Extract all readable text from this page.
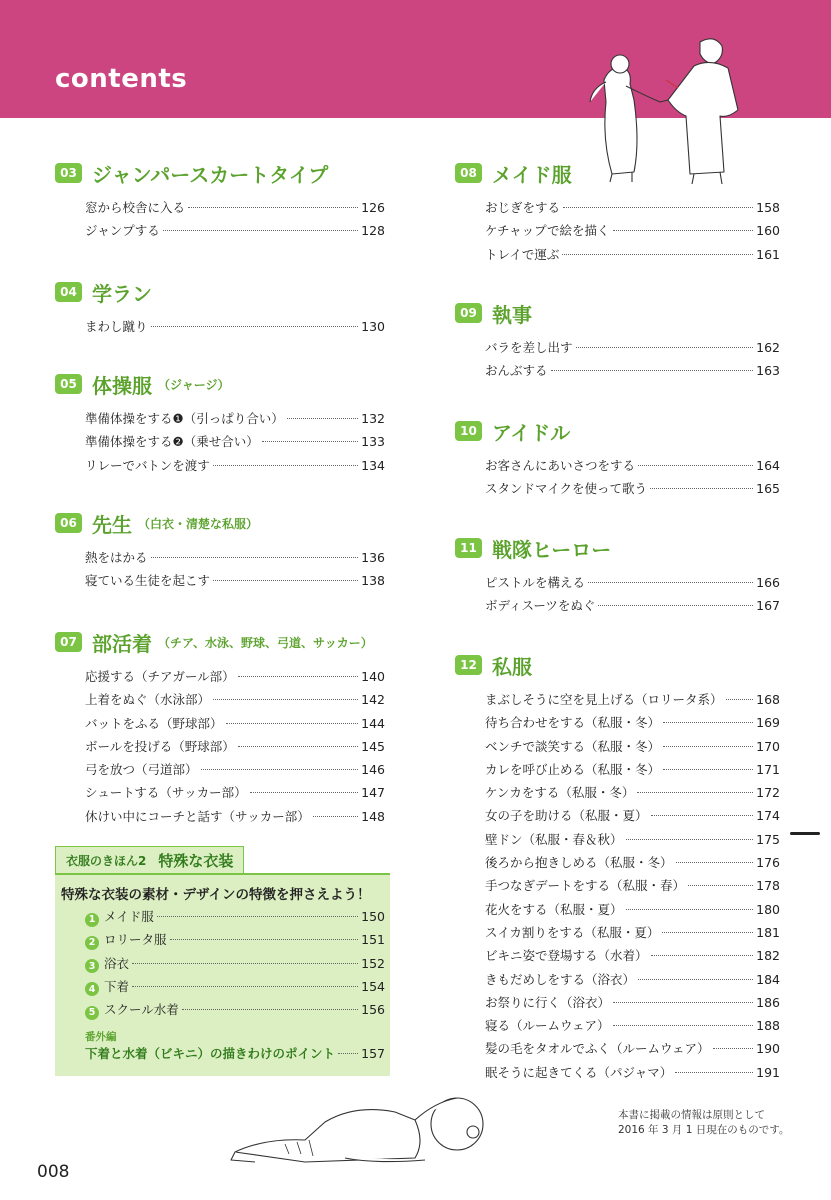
contents
03 ジャンパースカートタイプ
窓から校舎に入る	126
ジャンプする	128
04 学ラン
まわし蹴り	130
05 体操服 （ジャージ）
準備体操をする❶（引っぱり合い）	132
準備体操をする❷（乗せ合い）	133
リレーでバトンを渡す	134
06 先生 （白衣・清楚な私服）
熱をはかる	136
寝ている生徒を起こす	138
07 部活着 （チア、水泳、野球、弓道、サッカー）
応援する（チアガール部）	140
上着をぬぐ（水泳部）	142
バットをふる（野球部）	144
ボールを投げる（野球部）	145
弓を放つ（弓道部）	146
シュートする（サッカー部）	147
休けい中にコーチと話す（サッカー部）	148
08 メイド服
おじぎをする	158
ケチャップで絵を描く	160
トレイで運ぶ	161
09 執事
バラを差し出す	162
おんぶする	163
10 アイドル
お客さんにあいさつをする	164
スタンドマイクを使って歌う	165
11 戦隊ヒーロー
ピストルを構える	166
ボディスーツをぬぐ	167
12 私服
まぶしそうに空を見上げる（ロリータ系）	168
待ち合わせをする（私服・冬）	169
ベンチで談笑する（私服・冬）	170
カレを呼び止める（私服・冬）	171
ケンカをする（私服・冬）	172
女の子を助ける（私服・夏）	174
壁ドン（私服・春＆秋）	175
後ろから抱きしめる（私服・冬）	176
手つなぎデートをする（私服・春）	178
花火をする（私服・夏）	180
スイカ割りをする（私服・夏）	181
ビキニ姿で登場する（水着）	182
きもだめしをする（浴衣）	184
お祭りに行く（浴衣）	186
寝る（ルームウェア）	188
髪の毛をタオルでふく（ルームウェア）	190
眠そうに起きてくる（パジャマ）	191
衣服のきほん2 特殊な衣装
特殊な衣装の素材・デザインの特徴を押さえよう！
1 メイド服	150
2 ロリータ服	151
3 浴衣	152
4 下着	154
5 スクール水着	156
番外編
下着と水着（ビキニ）の描きわけのポイント 157
本書に掲載の情報は原則として
2016 年 3 月 1 日現在のものです。
008
